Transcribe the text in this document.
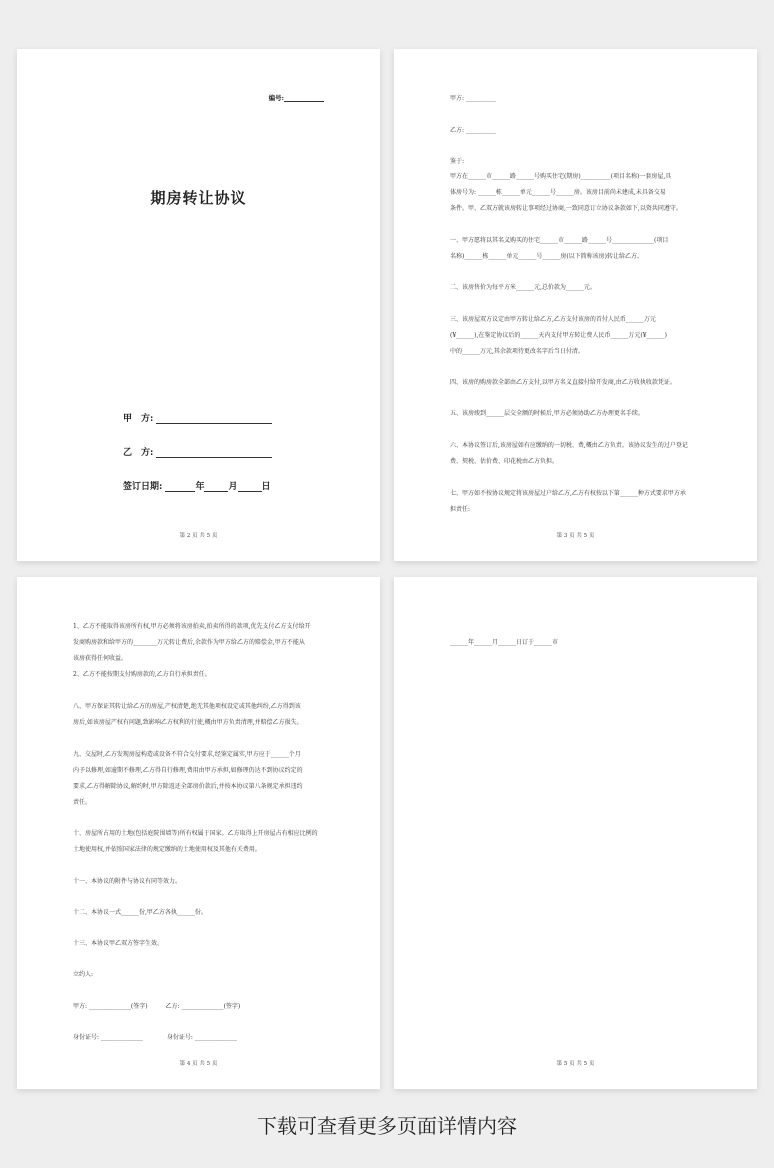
编号:
期房转让协议
甲　方:
乙　方:
签订日期:	年	月	日
第 2 页 共 5 页
甲方: __________
乙方: __________
鉴于:
甲方在______市______路______号购买住宅(期房)__________(项目名称)一套房屋,具
体房号为: ______栋______单元______号______房。该房目前尚未建成,未具备交易
条件。甲、乙双方就该房转让事项经过协商,一致同意订立协议条款如下,以资共同遵守。
一、甲方愿将以其名义购买的住宅______市______路______号______________(项目
名称)______栋______单元______号______房(以下简称该房)转让给乙方。
二、该房售价为每平方米______元,总价款为______元。
三、该房屋双方议定由甲方转让给乙方,乙方支付该房的首付人民币______万元
(¥______),在鉴定协议后的______天内支付甲方转让费人民币______万元(¥______)
中的______万元,其余款项待更改名字后当日付清。
四、该房的购房款全部由乙方支付,以甲方名义直接付给开发商,由乙方收执收款凭证。
五、该房竣到______层交全额的时候后,甲方必须协助乙方办理更名手续。
六、本协议签订后,该房屋如有应缴纳的一切税、费,概由乙方负责。该协议发生的过户登记
费、契税、估价费、印花税由乙方负担。
七、甲方如不按协议规定将该房屋过户给乙方,乙方有权按以下第______种方式要求甲方承
担责任:
第 3 页 共 5 页
1、乙方不能取得该房所有权,甲方必须将该房拍卖,拍卖所得的款项,优先支付乙方支付给开
发商购房款和给甲方的________万元转让费后,余款作为甲方给乙方的赔偿金,甲方不能从
该房获得任何收益。
2、乙方不能按期支付购房款的,乙方自行承担责任。
八、甲方保证其转让给乙方的房屋,产权清楚,绝无其他项权设定或其他纠纷,乙方得到该
房后,如该房屋产权有问题,致影响乙方权利的行使,概由甲方负责清理,并赔偿乙方损失。
九、交屋时,乙方发现房屋构造或设备不符合交付要求,经鉴定属实,甲方应于______个月
内予以修理,如逾期不修理,乙方得自行修理,费用由甲方承担,如修理仍达不到协议约定的
要求,乙方得解除协议,解约时,甲方除返还全部房价款后,并按本协议第八条规定承担违约
责任。
十、房屋所占用的土地(包括庭院围墙等)所有权属于国家。乙方取得上开房屋占有相应比例的
土地使用权,并依照国家法律的规定缴纳的土地使用权及其他有关费用。
十一、本协议的附件与协议有同等效力。
十二、本协议一式______份,甲乙方各执______份。
十三、本协议甲乙双方签字生效。
立约人:
甲方: ______________(签字)　　　乙方: ______________(签字)
身份证号: ______________　　　　身份证号: ______________
第 4 页 共 5 页
______年______月______日订于______市
第 5 页 共 5 页
下载可查看更多页面详情内容
